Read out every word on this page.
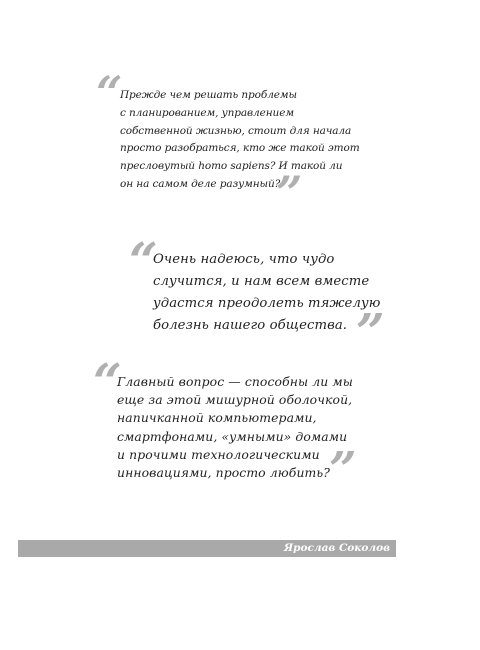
“
Прежде чем решать проблемы
с планированием, управлением
собственной жизнью, стоит для начала
просто разобраться, кто же такой этот
пресловутый homo sapiens? И такой ли
он на самом деле разумный?
”
“
Очень надеюсь, что чудо
случится, и нам всем вместе
удастся преодолеть тяжелую
болезнь нашего общества. ”
“
Главный вопрос — способны ли мы
еще за этой мишурной оболочкой,
напичканной компьютерами,
смартфонами, «умными» домами
и прочими технологическими
инновациями, просто любить? ”
Ярослав Соколов
